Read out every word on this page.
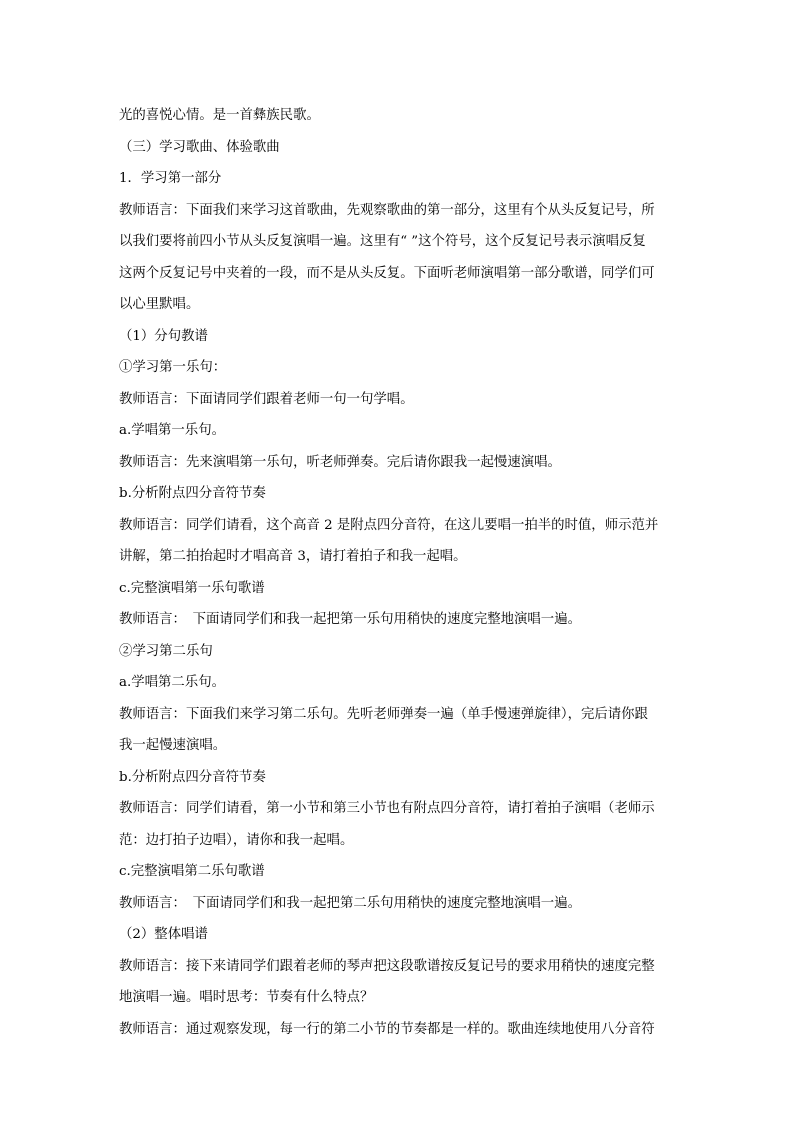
光的喜悦心情。是一首彝族民歌。
（三）学习歌曲、体验歌曲
1．学习第一部分
教师语言：下面我们来学习这首歌曲，先观察歌曲的第一部分，这里有个从头反复记号，所
以我们要将前四小节从头反复演唱一遍。这里有“ ”这个符号，这个反复记号表示演唱反复
这两个反复记号中夹着的一段，而不是从头反复。下面听老师演唱第一部分歌谱，同学们可
以心里默唱。
（1）分句教谱
①学习第一乐句：
教师语言：下面请同学们跟着老师一句一句学唱。
a.学唱第一乐句。
教师语言：先来演唱第一乐句，听老师弹奏。完后请你跟我一起慢速演唱。
b.分析附点四分音符节奏
教师语言：同学们请看，这个高音 2 是附点四分音符，在这儿要唱一拍半的时值，师示范并
讲解，第二拍抬起时才唱高音 3，请打着拍子和我一起唱。
c.完整演唱第一乐句歌谱
教师语言：　下面请同学们和我一起把第一乐句用稍快的速度完整地演唱一遍。
②学习第二乐句
a.学唱第二乐句。
教师语言：下面我们来学习第二乐句。先听老师弹奏一遍（单手慢速弹旋律），完后请你跟
我一起慢速演唱。
b.分析附点四分音符节奏
教师语言：同学们请看，第一小节和第三小节也有附点四分音符，请打着拍子演唱（老师示
范：边打拍子边唱），请你和我一起唱。
c.完整演唱第二乐句歌谱
教师语言：　下面请同学们和我一起把第二乐句用稍快的速度完整地演唱一遍。
（2）整体唱谱
教师语言：接下来请同学们跟着老师的琴声把这段歌谱按反复记号的要求用稍快的速度完整
地演唱一遍。唱时思考：节奏有什么特点？
教师语言：通过观察发现，每一行的第二小节的节奏都是一样的。歌曲连续地使用八分音符
